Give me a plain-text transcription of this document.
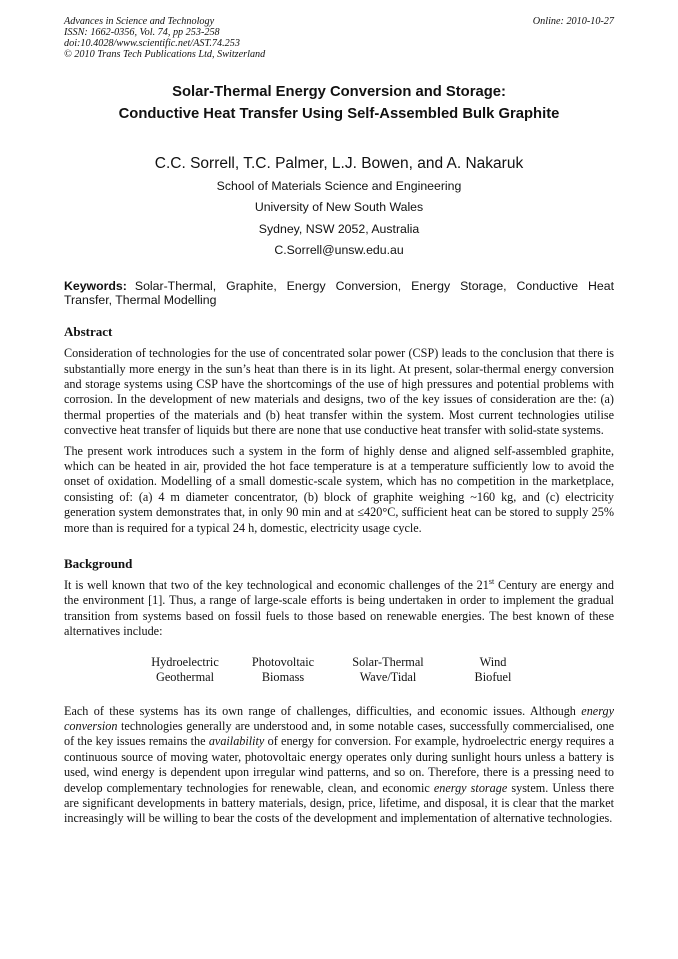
Advances in Science and Technology
ISSN: 1662-0356, Vol. 74, pp 253-258
doi:10.4028/www.scientific.net/AST.74.253
© 2010 Trans Tech Publications Ltd, Switzerland
Online: 2010-10-27
Solar-Thermal Energy Conversion and Storage:
Conductive Heat Transfer Using Self-Assembled Bulk Graphite
C.C. Sorrell, T.C. Palmer, L.J. Bowen, and A. Nakaruk
School of Materials Science and Engineering
University of New South Wales
Sydney, NSW 2052, Australia
C.Sorrell@unsw.edu.au
Keywords: Solar-Thermal, Graphite, Energy Conversion, Energy Storage, Conductive Heat Transfer, Thermal Modelling
Abstract

Consideration of technologies for the use of concentrated solar power (CSP) leads to the conclusion that there is substantially more energy in the sun’s heat than there is in its light. At present, solar-thermal energy conversion and storage systems using CSP have the shortcomings of the use of high pressures and potential problems with corrosion. In the development of new materials and designs, two of the key issues of consideration are the: (a) thermal properties of the materials and (b) heat transfer within the system. Most current technologies utilise convective heat transfer of liquids but there are none that use conductive heat transfer with solid-state systems.

The present work introduces such a system in the form of highly dense and aligned self-assembled graphite, which can be heated in air, provided the hot face temperature is at a temperature sufficiently low to avoid the onset of oxidation. Modelling of a small domestic-scale system, which has no competition in the marketplace, consisting of: (a) 4 m diameter concentrator, (b) block of graphite weighing ~160 kg, and (c) electricity generation system demonstrates that, in only 90 min and at ≤420°C, sufficient heat can be stored to supply 25% more than is required for a typical 24 h, domestic, electricity usage cycle.

Background

It is well known that two of the key technological and economic challenges of the 21st Century are energy and the environment [1]. Thus, a range of large-scale efforts is being undertaken in order to implement the gradual transition from systems based on fossil fuels to those based on renewable energies. The best known of these alternatives include:

Hydroelectric	Photovoltaic	Solar-Thermal	Wind
Geothermal	Biomass	Wave/Tidal	Biofuel

Each of these systems has its own range of challenges, difficulties, and economic issues. Although energy conversion technologies generally are understood and, in some notable cases, successfully commercialised, one of the key issues remains the availability of energy for conversion. For example, hydroelectric energy requires a continuous source of moving water, photovoltaic energy operates only during sunlight hours unless a battery is used, wind energy is dependent upon irregular wind patterns, and so on. Therefore, there is a pressing need to develop complementary technologies for renewable, clean, and economic energy storage system. Unless there are significant developments in battery materials, design, price, lifetime, and disposal, it is clear that the market increasingly will be willing to bear the costs of the development and implementation of alternative technologies.
